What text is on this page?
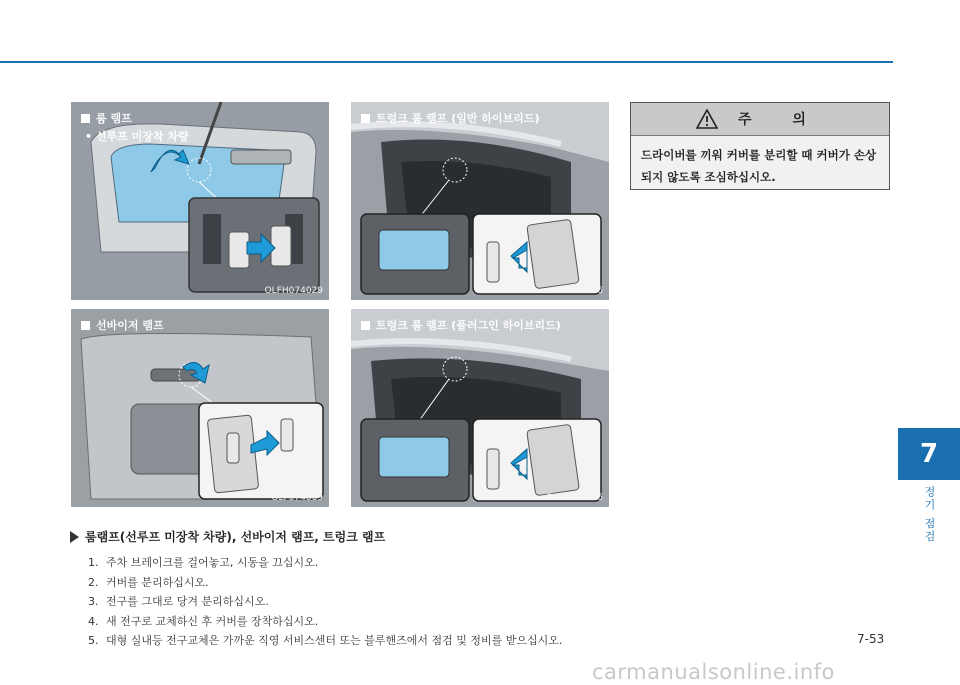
룸 램프
• 선루프 미장착 차량
OLFH074029
트렁크 룸 램프 (일반 하이브리드)
OLF074056
선바이저 램프
OLF074069
트렁크 룸 램프 (플러그인 하이브리드)
OLFP075056
주 의
드라이버를 끼워 커버를 분리할 때 커버가 손상되지 않도록 조심하십시오.
룸램프(선루프 미장착 차량), 선바이저 램프, 트렁크 램프
1. 주차 브레이크를 걸어놓고, 시동을 끄십시오.
2. 커버를 분리하십시오.
3. 전구를 그대로 당겨 분리하십시오.
4. 새 전구로 교체하신 후 커버를 장착하십시오.
5. 대형 실내등 전구교체은 가까운 직영 서비스센터 또는 블루핸즈에서 점검 및 정비를 받으십시오.
7
정기 점검
7-53
carmanualsonline.info
